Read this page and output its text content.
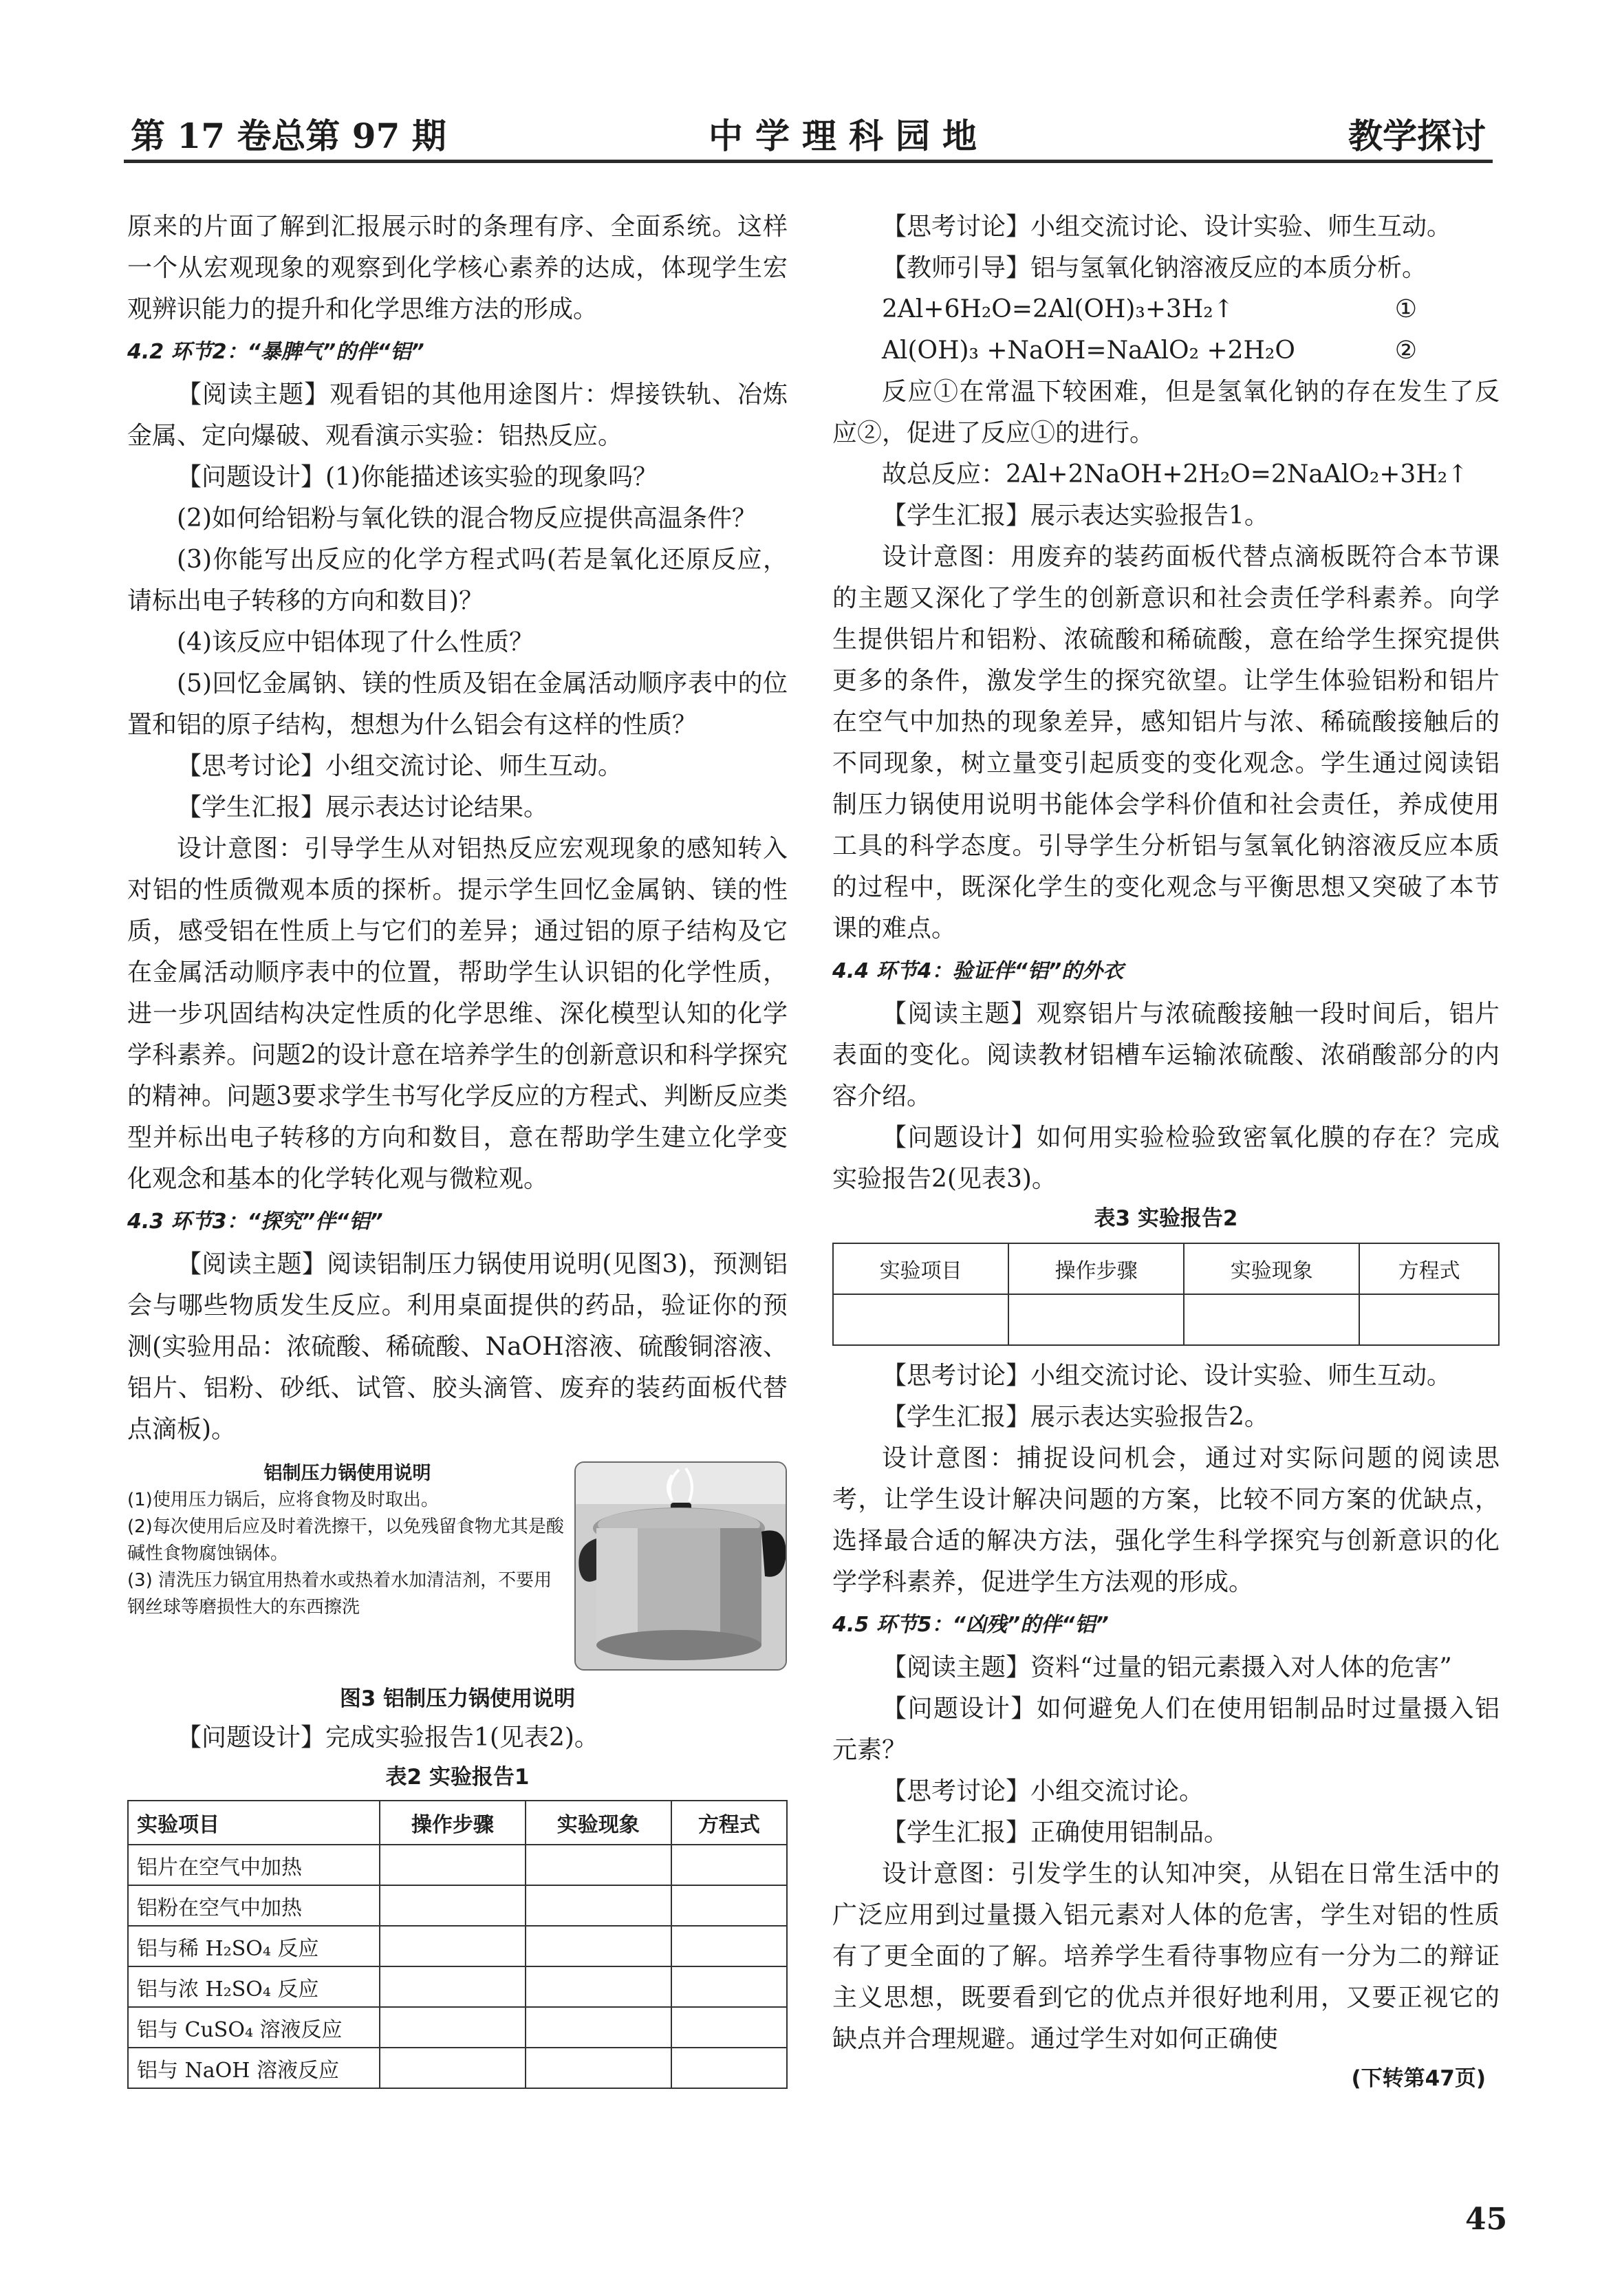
第 17 卷总第 97 期	中学理科园地	教学探讨

原来的片面了解到汇报展示时的条理有序、全面系统。这样一个从宏观现象的观察到化学核心素养的达成，体现学生宏观辨识能力的提升和化学思维方法的形成。

4.2 环节2：“暴脾气”的伴“铝”

【阅读主题】观看铝的其他用途图片：焊接铁轨、冶炼金属、定向爆破、观看演示实验：铝热反应。

【问题设计】(1)你能描述该实验的现象吗？

(2)如何给铝粉与氧化铁的混合物反应提供高温条件？

(3)你能写出反应的化学方程式吗(若是氧化还原反应，请标出电子转移的方向和数目)？

(4)该反应中铝体现了什么性质？

(5)回忆金属钠、镁的性质及铝在金属活动顺序表中的位置和铝的原子结构，想想为什么铝会有这样的性质？

【思考讨论】小组交流讨论、师生互动。

【学生汇报】展示表达讨论结果。

设计意图：引导学生从对铝热反应宏观现象的感知转入对铝的性质微观本质的探析。提示学生回忆金属钠、镁的性质，感受铝在性质上与它们的差异；通过铝的原子结构及它在金属活动顺序表中的位置，帮助学生认识铝的化学性质，进一步巩固结构决定性质的化学思维、深化模型认知的化学学科素养。问题2的设计意在培养学生的创新意识和科学探究的精神。问题3要求学生书写化学反应的方程式、判断反应类型并标出电子转移的方向和数目，意在帮助学生建立化学变化观念和基本的化学转化观与微粒观。

4.3 环节3：“探究”伴“铝”

【阅读主题】阅读铝制压力锅使用说明(见图3)，预测铝会与哪些物质发生反应。利用桌面提供的药品，验证你的预测(实验用品：浓硫酸、稀硫酸、NaOH溶液、硫酸铜溶液、铝片、铝粉、砂纸、试管、胶头滴管、废弃的装药面板代替点滴板)。

铝制压力锅使用说明
(1)使用压力锅后，应将食物及时取出。
(2)每次使用后应及时着洗擦干，以免残留食物尤其是酸碱性食物腐蚀锅体。
(3) 清洗压力锅宜用热着水或热着水加清洁剂，不要用钢丝球等磨损性大的东西擦洗
图3 铝制压力锅使用说明

【问题设计】完成实验报告1(见表2)。

表2 实验报告1
实验项目	操作步骤	实验现象	方程式
铝片在空气中加热			
铝粉在空气中加热			
铝与稀 H₂SO₄ 反应			
铝与浓 H₂SO₄ 反应			
铝与 CuSO₄ 溶液反应			
铝与 NaOH 溶液反应			

【思考讨论】小组交流讨论、设计实验、师生互动。

【教师引导】铝与氢氧化钠溶液反应的本质分析。

2Al+6H₂O=2Al(OH)₃+3H₂↑	①
Al(OH)₃ +NaOH=NaAlO₂ +2H₂O	②

反应①在常温下较困难，但是氢氧化钠的存在发生了反应②，促进了反应①的进行。

故总反应：2Al+2NaOH+2H₂O=2NaAlO₂+3H₂↑

【学生汇报】展示表达实验报告1。

设计意图：用废弃的装药面板代替点滴板既符合本节课的主题又深化了学生的创新意识和社会责任学科素养。向学生提供铝片和铝粉、浓硫酸和稀硫酸，意在给学生探究提供更多的条件，激发学生的探究欲望。让学生体验铝粉和铝片在空气中加热的现象差异，感知铝片与浓、稀硫酸接触后的不同现象，树立量变引起质变的变化观念。学生通过阅读铝制压力锅使用说明书能体会学科价值和社会责任，养成使用工具的科学态度。引导学生分析铝与氢氧化钠溶液反应本质的过程中，既深化学生的变化观念与平衡思想又突破了本节课的难点。

4.4 环节4：验证伴“铝”的外衣

【阅读主题】观察铝片与浓硫酸接触一段时间后，铝片表面的变化。阅读教材铝槽车运输浓硫酸、浓硝酸部分的内容介绍。

【问题设计】如何用实验检验致密氧化膜的存在？完成实验报告2(见表3)。

表3 实验报告2
实验项目	操作步骤	实验现象	方程式

【思考讨论】小组交流讨论、设计实验、师生互动。

【学生汇报】展示表达实验报告2。

设计意图：捕捉设问机会，通过对实际问题的阅读思考，让学生设计解决问题的方案，比较不同方案的优缺点，选择最合适的解决方法，强化学生科学探究与创新意识的化学学科素养，促进学生方法观的形成。

4.5 环节5：“凶残”的伴“铝”

【阅读主题】资料“过量的铝元素摄入对人体的危害”

【问题设计】如何避免人们在使用铝制品时过量摄入铝元素？

【思考讨论】小组交流讨论。

【学生汇报】正确使用铝制品。

设计意图：引发学生的认知冲突，从铝在日常生活中的广泛应用到过量摄入铝元素对人体的危害，学生对铝的性质有了更全面的了解。培养学生看待事物应有一分为二的辩证主义思想，既要看到它的优点并很好地利用，又要正视它的缺点并合理规避。通过学生对如何正确使

(下转第47页)
45
